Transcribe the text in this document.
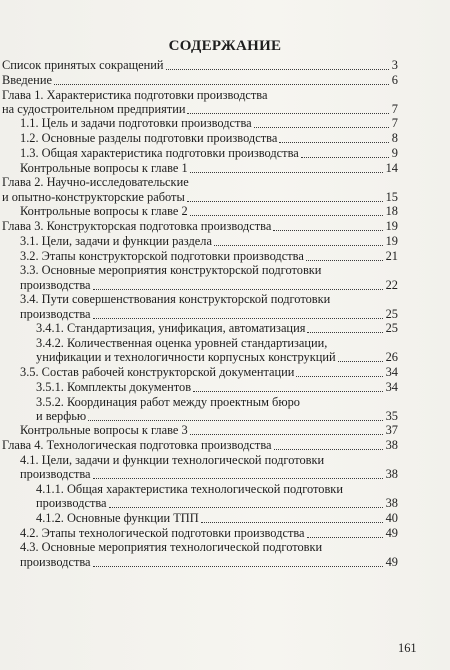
СОДЕРЖАНИЕ
Список принятых сокращений	3
Введение	6
Глава 1. Характеристика подготовки производства
на судостроительном предприятии	7
1.1. Цель и задачи подготовки производства	7
1.2. Основные разделы подготовки производства	8
1.3. Общая характеристика подготовки производства	9
Контрольные вопросы к главе 1	14
Глава 2. Научно-исследовательские
и опытно-конструкторские работы	15
Контрольные вопросы к главе 2	18
Глава 3. Конструкторская подготовка производства	19
3.1. Цели, задачи и функции раздела	19
3.2. Этапы конструкторской подготовки производства	21
3.3. Основные мероприятия конструкторской подготовки
производства	22
3.4. Пути совершенствования конструкторской подготовки
производства	25
3.4.1. Стандартизация, унификация, автоматизация	25
3.4.2. Количественная оценка уровней стандартизации,
унификации и технологичности корпусных конструкций	26
3.5. Состав рабочей конструкторской документации	34
3.5.1. Комплекты документов	34
3.5.2. Координация работ между проектным бюро
и верфью	35
Контрольные вопросы к главе 3	37
Глава 4. Технологическая подготовка производства	38
4.1. Цели, задачи и функции технологической подготовки
производства	38
4.1.1. Общая характеристика технологической подготовки
производства	38
4.1.2. Основные функции ТПП	40
4.2. Этапы технологической подготовки производства	49
4.3. Основные мероприятия технологической подготовки
производства	49
161
